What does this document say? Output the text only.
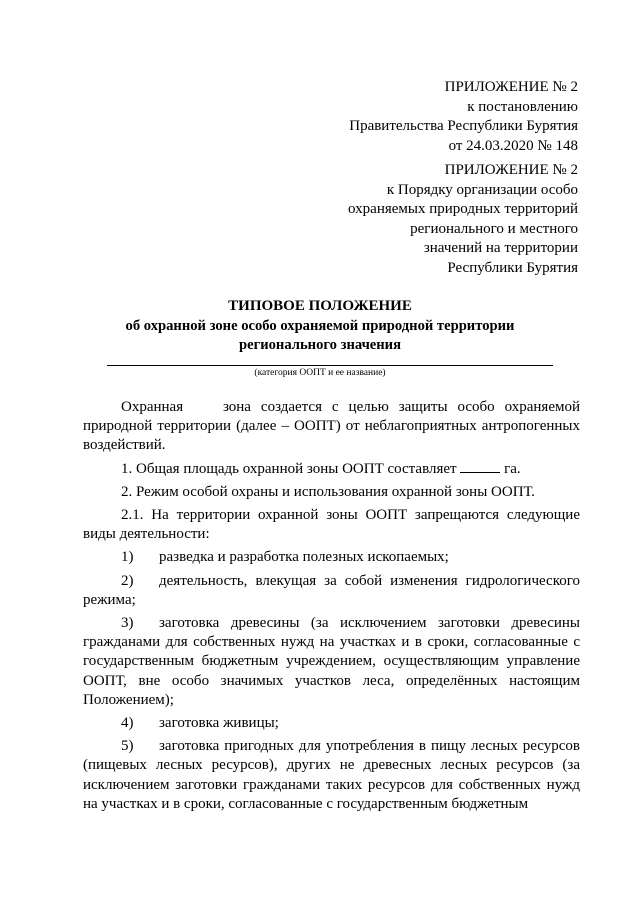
ПРИЛОЖЕНИЕ № 2
к постановлению
Правительства Республики Бурятия
от 24.03.2020 № 148
ПРИЛОЖЕНИЕ № 2
к Порядку организации особо
охраняемых природных территорий
регионального и местного
значений на территории
Республики Бурятия
ТИПОВОЕ ПОЛОЖЕНИЕ
об охранной зоне особо охраняемой природной территории
регионального значения
(категория ООПТ и ее название)

Охранная    зона создается с целью защиты особо охраняемой природной территории (далее – ООПТ) от неблагоприятных антропогенных воздействий.

1. Общая площадь охранной зоны ООПТ составляет	га.

2. Режим особой охраны и использования охранной зоны ООПТ.

2.1. На территории охранной зоны ООПТ запрещаются следующие виды деятельности:

1) разведка и разработка полезных ископаемых;

2) деятельность, влекущая за собой изменения гидрологического режима;

3) заготовка древесины (за исключением заготовки древесины гражданами для собственных нужд на участках и в сроки, согласованные с государственным бюджетным учреждением, осуществляющим управление ООПТ, вне особо значимых участков леса, определённых настоящим Положением);

4) заготовка живицы;

5) заготовка пригодных для употребления в пищу лесных ресурсов (пищевых лесных ресурсов), других не древесных лесных ресурсов (за исключением заготовки гражданами таких ресурсов для собственных нужд на участках и в сроки, согласованные с государственным бюджетным
